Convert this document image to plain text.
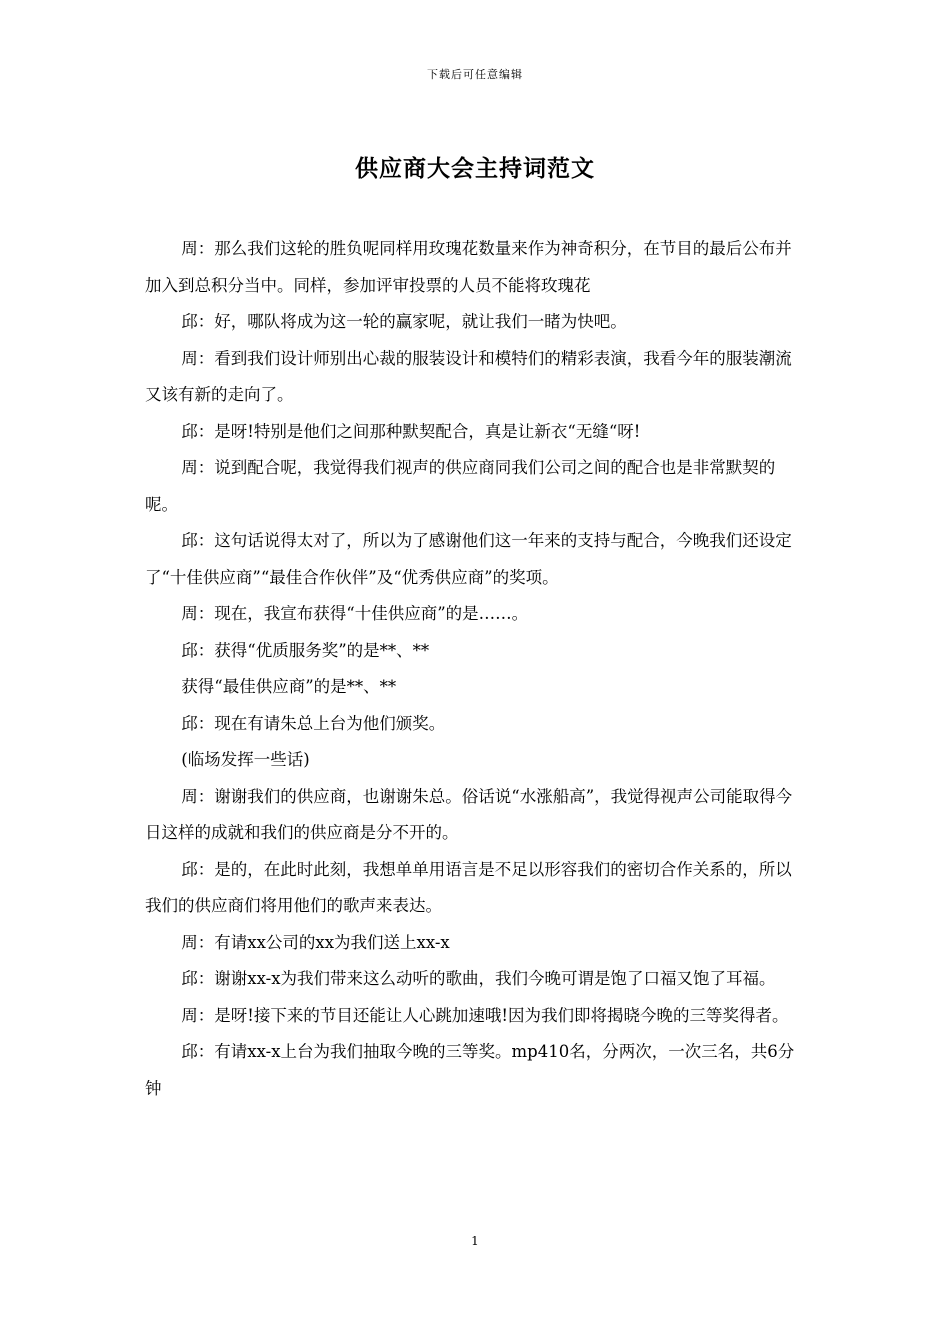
下载后可任意编辑
供应商大会主持词范文

周：那么我们这轮的胜负呢同样用玫瑰花数量来作为神奇积分，在节目的最后公布并加入到总积分当中。同样，参加评审投票的人员不能将玫瑰花

邱：好，哪队将成为这一轮的赢家呢，就让我们一睹为快吧。

周：看到我们设计师别出心裁的服装设计和模特们的精彩表演，我看今年的服装潮流又该有新的走向了。

邱：是呀!特别是他们之间那种默契配合，真是让新衣“无缝“呀!

周：说到配合呢，我觉得我们视声的供应商同我们公司之间的配合也是非常默契的呢。

邱：这句话说得太对了，所以为了感谢他们这一年来的支持与配合，今晚我们还设定了“十佳供应商”“最佳合作伙伴”及“优秀供应商”的奖项。

周：现在，我宣布获得“十佳供应商”的是……。

邱：获得“优质服务奖”的是**、**

获得“最佳供应商”的是**、**

邱：现在有请朱总上台为他们颁奖。

(临场发挥一些话)

周：谢谢我们的供应商，也谢谢朱总。俗话说“水涨船高”，我觉得视声公司能取得今日这样的成就和我们的供应商是分不开的。

邱：是的，在此时此刻，我想单单用语言是不足以形容我们的密切合作关系的，所以我们的供应商们将用他们的歌声来表达。

周：有请xx公司的xx为我们送上xx-x

邱：谢谢xx-x为我们带来这么动听的歌曲，我们今晚可谓是饱了口福又饱了耳福。

周：是呀!接下来的节目还能让人心跳加速哦!因为我们即将揭晓今晚的三等奖得者。

邱：有请xx-x上台为我们抽取今晚的三等奖。mp410名，分两次，一次三名，共6分钟

1
